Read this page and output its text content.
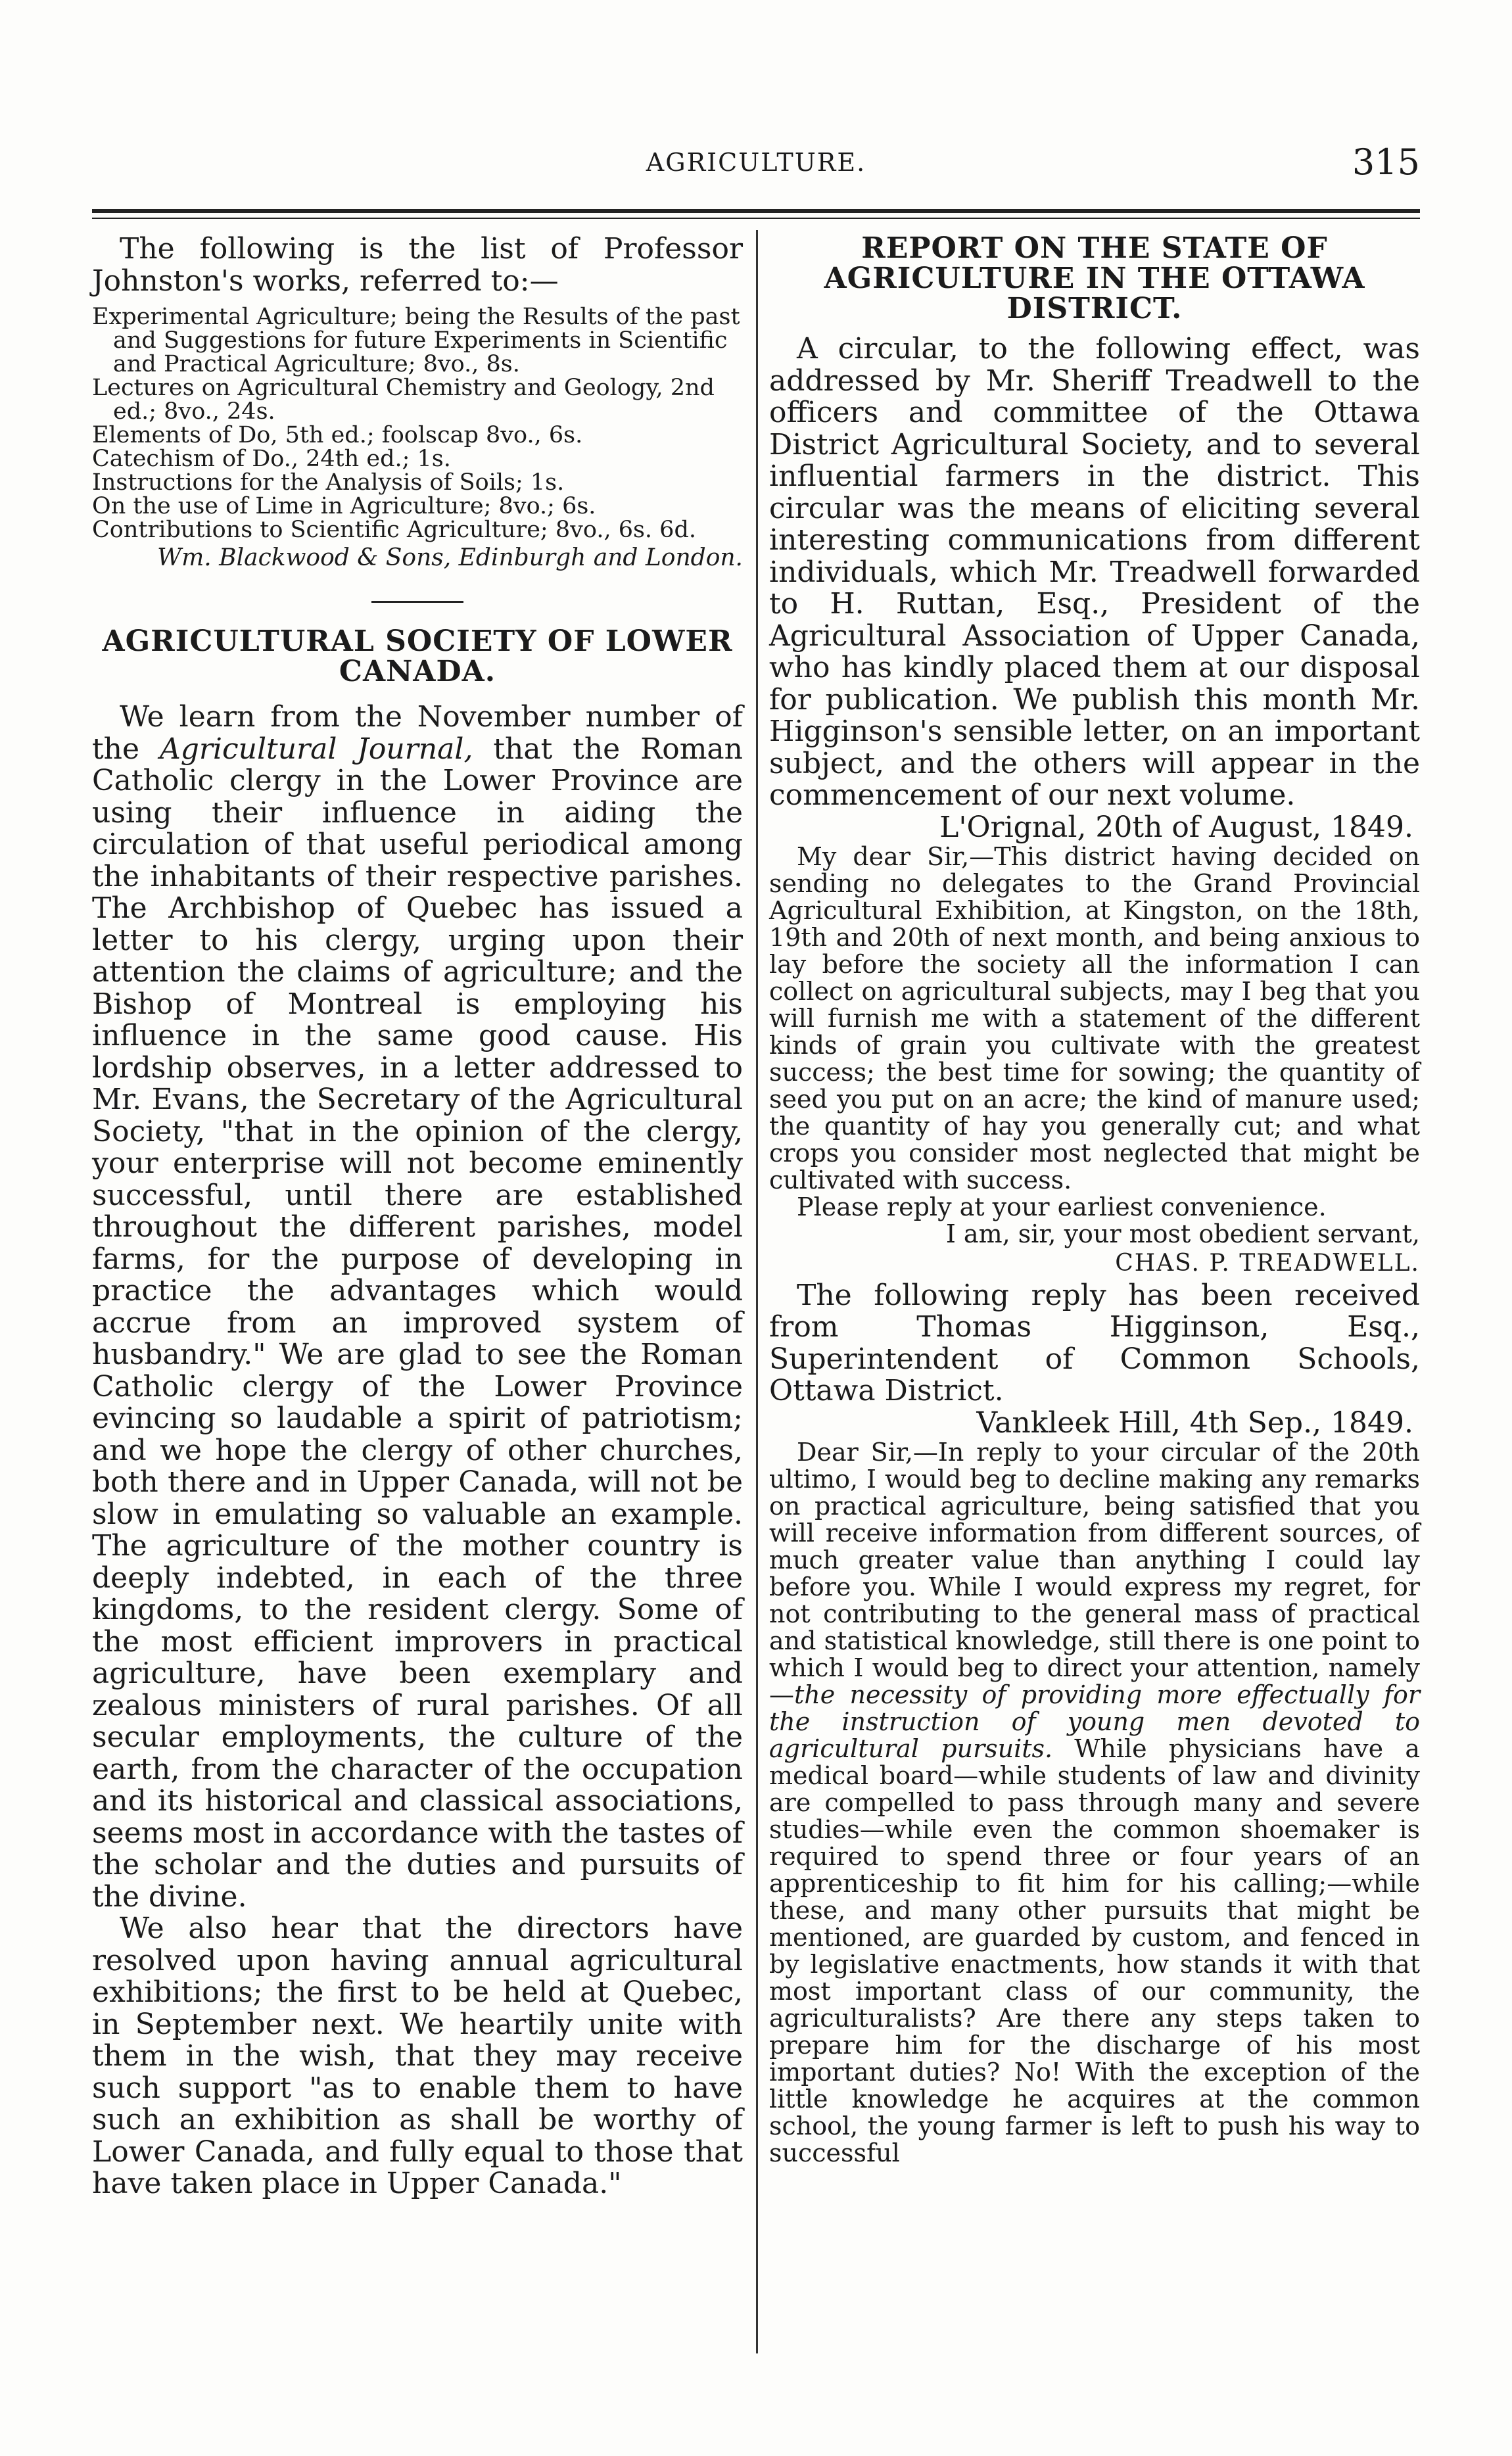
AGRICULTURE.	315

The following is the list of Professor Johnston's works, referred to:—

Experimental Agriculture; being the Results of the past and Suggestions for future Experiments in Scientific and Practical Agriculture; 8vo., 8s.

Lectures on Agricultural Chemistry and Geology, 2nd ed.; 8vo., 24s.

Elements of Do, 5th ed.; foolscap 8vo., 6s.

Catechism of Do., 24th ed.; 1s.

Instructions for the Analysis of Soils; 1s.

On the use of Lime in Agriculture; 8vo.; 6s.

Contributions to Scientific Agriculture; 8vo., 6s. 6d.

Wm. Blackwood & Sons, Edinburgh and London.

AGRICULTURAL SOCIETY OF LOWER CANADA.

We learn from the November number of the Agricultural Journal, that the Roman Catholic clergy in the Lower Province are using their influence in aiding the circulation of that useful periodical among the inhabitants of their respective parishes. The Archbishop of Quebec has issued a letter to his clergy, urging upon their attention the claims of agriculture; and the Bishop of Montreal is employing his influence in the same good cause. His lordship observes, in a letter addressed to Mr. Evans, the Secretary of the Agricultural Society, "that in the opinion of the clergy, your enterprise will not become eminently successful, until there are established throughout the different parishes, model farms, for the purpose of developing in practice the advantages which would accrue from an improved system of husbandry." We are glad to see the Roman Catholic clergy of the Lower Province evincing so laudable a spirit of patriotism; and we hope the clergy of other churches, both there and in Upper Canada, will not be slow in emulating so valuable an example. The agriculture of the mother country is deeply indebted, in each of the three kingdoms, to the resident clergy. Some of the most efficient improvers in practical agriculture, have been exemplary and zealous ministers of rural parishes. Of all secular employments, the culture of the earth, from the character of the occupation and its historical and classical associations, seems most in accordance with the tastes of the scholar and the duties and pursuits of the divine.

We also hear that the directors have resolved upon having annual agricultural exhibitions; the first to be held at Quebec, in September next. We heartily unite with them in the wish, that they may receive such support "as to enable them to have such an exhibition as shall be worthy of Lower Canada, and fully equal to those that have taken place in Upper Canada."

REPORT ON THE STATE OF AGRICULTURE IN THE OTTAWA DISTRICT.

A circular, to the following effect, was addressed by Mr. Sheriff Treadwell to the officers and committee of the Ottawa District Agricultural Society, and to several influential farmers in the district. This circular was the means of eliciting several interesting communications from different individuals, which Mr. Treadwell forwarded to H. Ruttan, Esq., President of the Agricultural Association of Upper Canada, who has kindly placed them at our disposal for publication. We publish this month Mr. Higginson's sensible letter, on an important subject, and the others will appear in the commencement of our next volume.

L'Orignal, 20th of August, 1849.

My dear Sir,—This district having decided on sending no delegates to the Grand Provincial Agricultural Exhibition, at Kingston, on the 18th, 19th and 20th of next month, and being anxious to lay before the society all the information I can collect on agricultural subjects, may I beg that you will furnish me with a statement of the different kinds of grain you cultivate with the greatest success; the best time for sowing; the quantity of seed you put on an acre; the kind of manure used; the quantity of hay you generally cut; and what crops you consider most neglected that might be cultivated with success.

Please reply at your earliest convenience.

I am, sir, your most obedient servant,

CHAS. P. TREADWELL.

The following reply has been received from Thomas Higginson, Esq., Superintendent of Common Schools, Ottawa District.

Vankleek Hill, 4th Sep., 1849.

Dear Sir,—In reply to your circular of the 20th ultimo, I would beg to decline making any remarks on practical agriculture, being satisfied that you will receive information from different sources, of much greater value than anything I could lay before you. While I would express my regret, for not contributing to the general mass of practical and statistical knowledge, still there is one point to which I would beg to direct your attention, namely—the necessity of providing more effectually for the instruction of young men devoted to agricultural pursuits. While physicians have a medical board—while students of law and divinity are compelled to pass through many and severe studies—while even the common shoemaker is required to spend three or four years of an apprenticeship to fit him for his calling;—while these, and many other pursuits that might be mentioned, are guarded by custom, and fenced in by legislative enactments, how stands it with that most important class of our community, the agriculturalists? Are there any steps taken to prepare him for the discharge of his most important duties? No! With the exception of the little knowledge he acquires at the common school, the young farmer is left to push his way to successful
